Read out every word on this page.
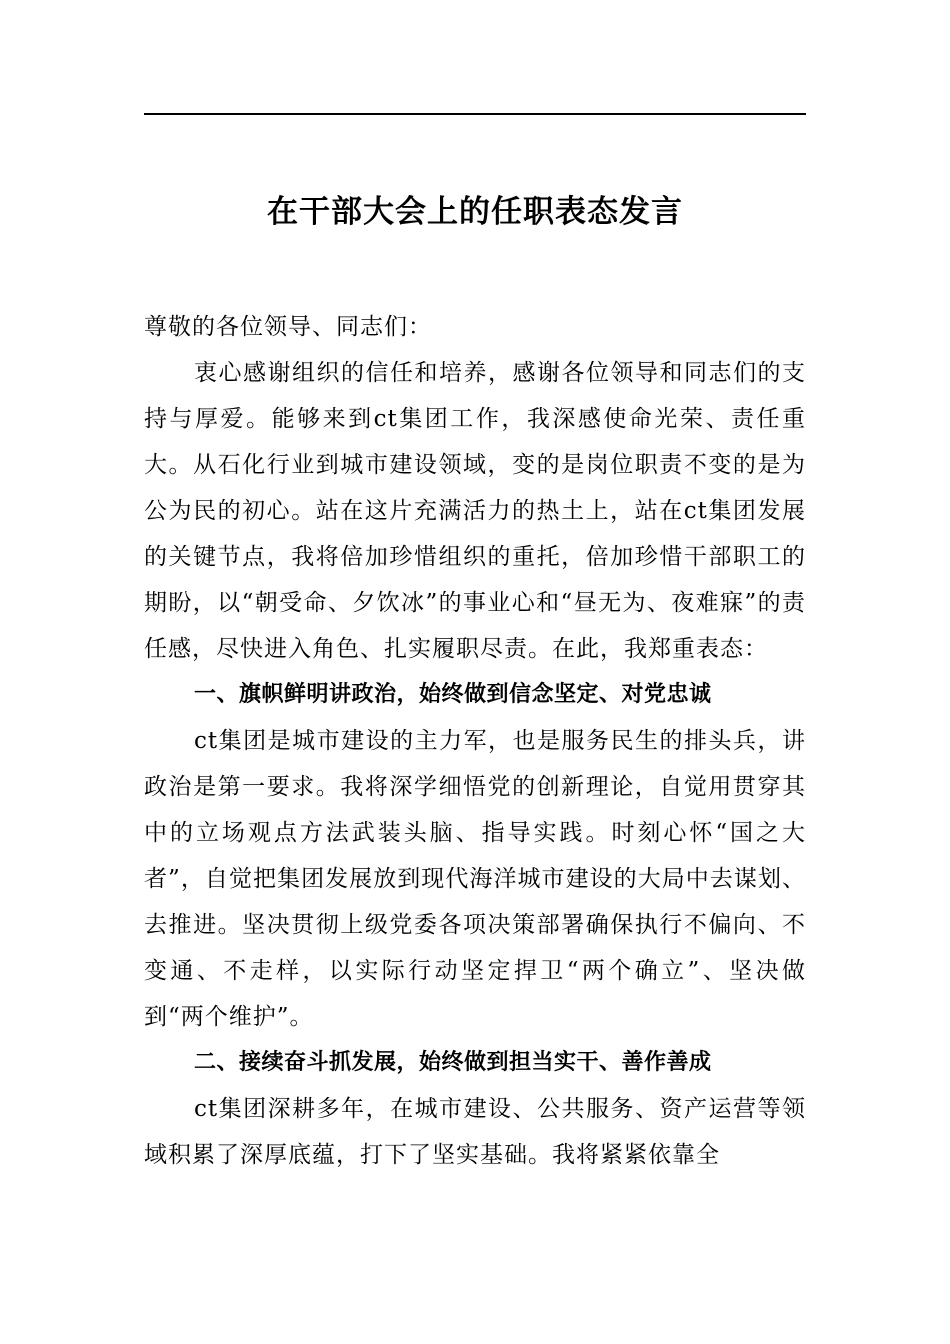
在干部大会上的任职表态发言

尊敬的各位领导、同志们：

衷心感谢组织的信任和培养，感谢各位领导和同志们的支持与厚爱。能够来到ct集团工作，我深感使命光荣、责任重大。从石化行业到城市建设领域，变的是岗位职责不变的是为公为民的初心。站在这片充满活力的热土上，站在ct集团发展的关键节点，我将倍加珍惜组织的重托，倍加珍惜干部职工的期盼，以“朝受命、夕饮冰”的事业心和“昼无为、夜难寐”的责任感，尽快进入角色、扎实履职尽责。在此，我郑重表态：

一、旗帜鲜明讲政治，始终做到信念坚定、对党忠诚

ct集团是城市建设的主力军，也是服务民生的排头兵，讲政治是第一要求。我将深学细悟党的创新理论，自觉用贯穿其中的立场观点方法武装头脑、指导实践。时刻心怀“国之大者”，自觉把集团发展放到现代海洋城市建设的大局中去谋划、去推进。坚决贯彻上级党委各项决策部署确保执行不偏向、不变通、不走样，以实际行动坚定捍卫“两个确立”、坚决做到“两个维护”。

二、接续奋斗抓发展，始终做到担当实干、善作善成

ct集团深耕多年，在城市建设、公共服务、资产运营等领域积累了深厚底蕴，打下了坚实基础。我将紧紧依靠全
